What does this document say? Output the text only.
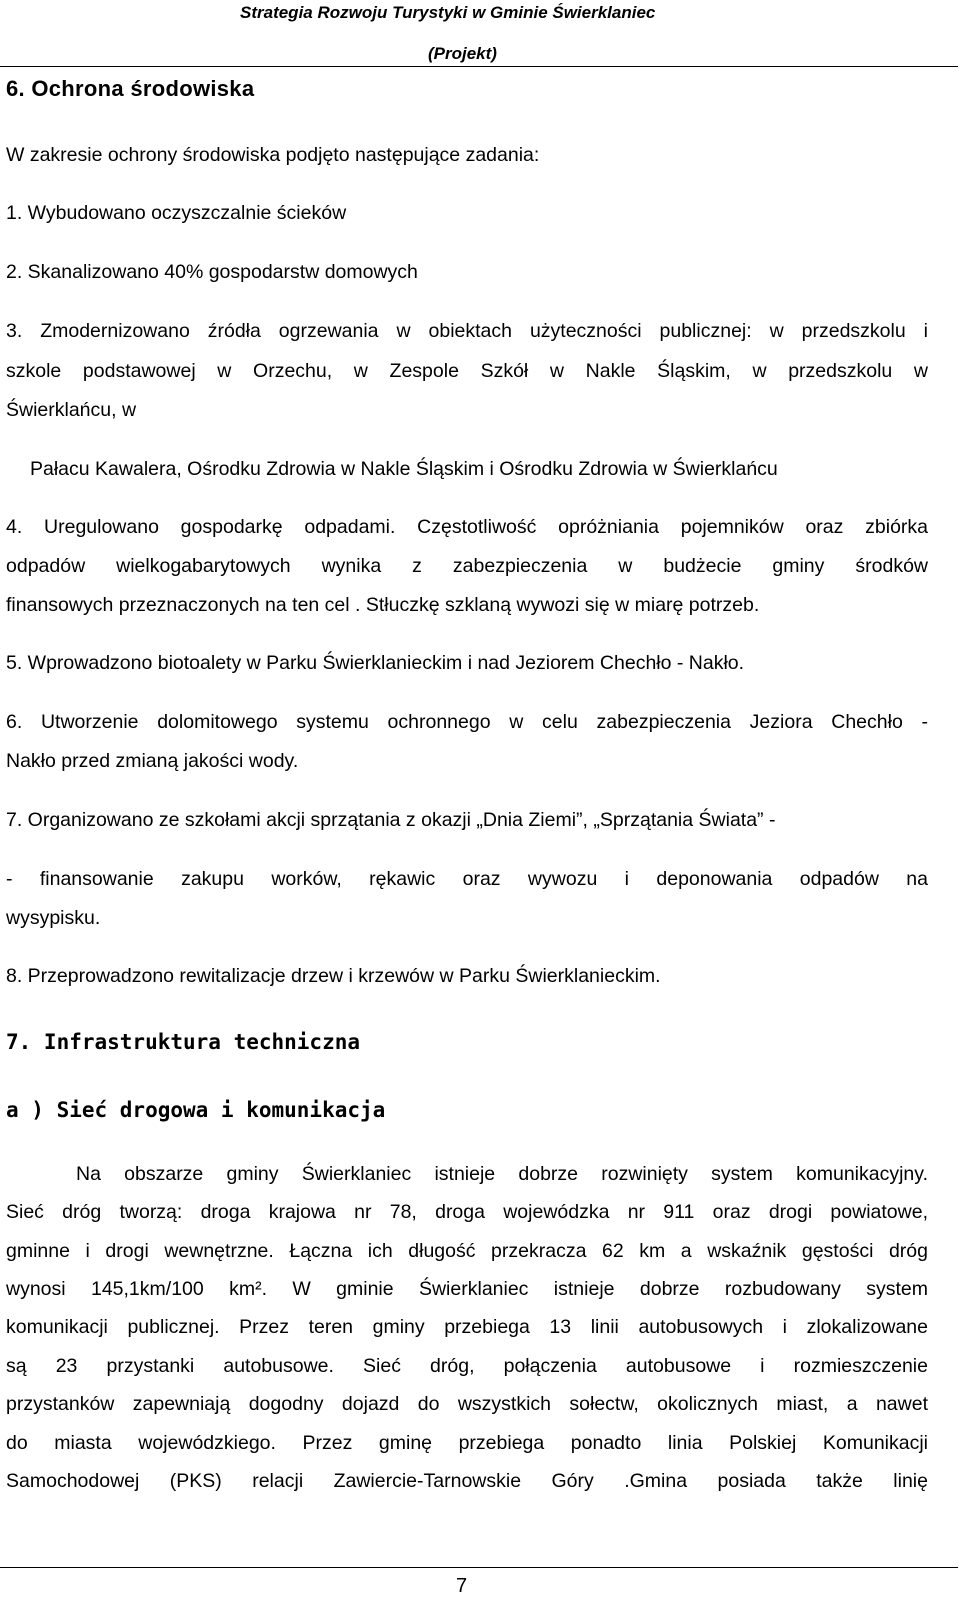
Strategia Rozwoju Turystyki w Gminie Świerklaniec
(Projekt)
6. Ochrona środowiska
W zakresie ochrony środowiska podjęto następujące zadania:
1. Wybudowano oczyszczalnie ścieków
2. Skanalizowano 40% gospodarstw domowych
3. Zmodernizowano źródła ogrzewania w obiektach użyteczności publicznej: w przedszkolu i
szkole podstawowej w Orzechu, w Zespole Szkół w Nakle Śląskim, w przedszkolu w
Świerklańcu, w
Pałacu Kawalera, Ośrodku Zdrowia w Nakle Śląskim i Ośrodku Zdrowia w Świerklańcu
4. Uregulowano gospodarkę odpadami. Częstotliwość opróżniania pojemników oraz zbiórka
odpadów wielkogabarytowych wynika z zabezpieczenia w budżecie gminy środków
finansowych przeznaczonych na ten cel . Stłuczkę szklaną wywozi się w miarę potrzeb.
5. Wprowadzono biotoalety w Parku Świerklanieckim i nad Jeziorem Chechło - Nakło.
6. Utworzenie dolomitowego systemu ochronnego w celu zabezpieczenia Jeziora Chechło -
Nakło przed zmianą jakości wody.
7. Organizowano ze szkołami akcji sprzątania z okazji „Dnia Ziemi”, „Sprzątania Świata” -
- finansowanie zakupu worków, rękawic oraz wywozu i deponowania odpadów na
wysypisku.
8. Przeprowadzono rewitalizacje drzew i krzewów w Parku Świerklanieckim.
7. Infrastruktura techniczna
a ) Sieć drogowa i komunikacja
Na obszarze gminy Świerklaniec istnieje dobrze rozwinięty system komunikacyjny.
Sieć dróg tworzą: droga krajowa nr 78, droga wojewódzka nr 911 oraz drogi powiatowe,
gminne i drogi wewnętrzne. Łączna ich długość przekracza 62 km a wskaźnik gęstości dróg
wynosi 145,1km/100 km². W gminie Świerklaniec istnieje dobrze rozbudowany system
komunikacji publicznej. Przez teren gminy przebiega 13 linii autobusowych i zlokalizowane
są 23 przystanki autobusowe. Sieć dróg, połączenia autobusowe i rozmieszczenie
przystanków zapewniają dogodny dojazd do wszystkich sołectw, okolicznych miast, a nawet
do miasta wojewódzkiego. Przez gminę przebiega ponadto linia Polskiej Komunikacji
Samochodowej (PKS) relacji Zawiercie-Tarnowskie Góry .Gmina posiada także linię
7
